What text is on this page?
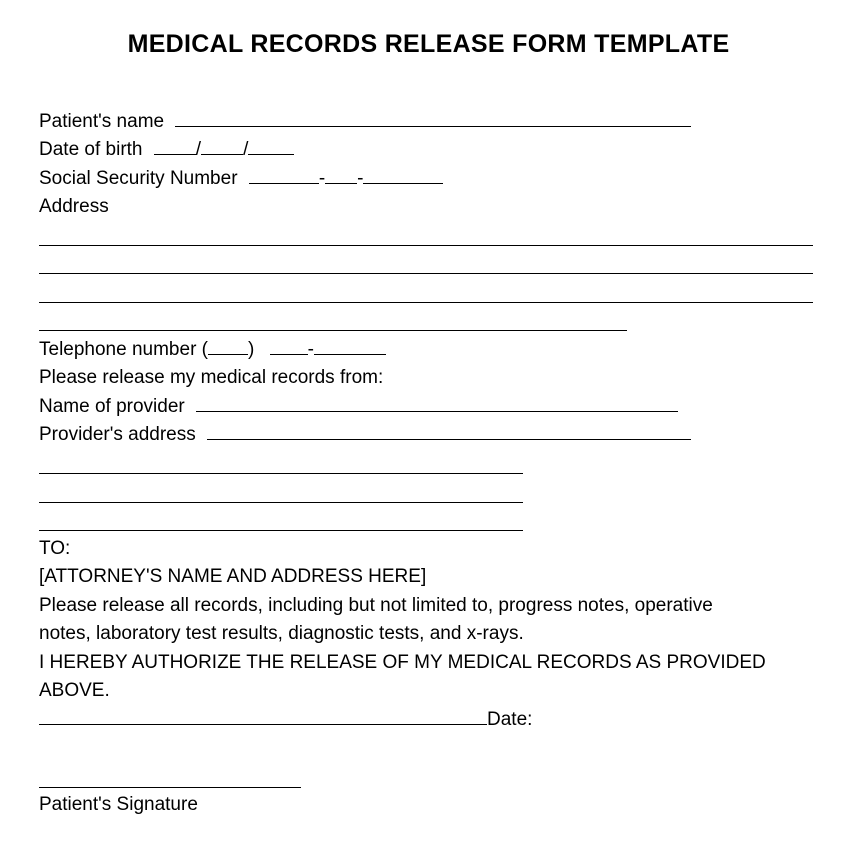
MEDICAL RECORDS RELEASE FORM TEMPLATE
Patient's name
Date of birth	/ /
Social Security Number	- -
Address
Telephone number ( )	-
Please release my medical records from:
Name of provider
Provider's address
TO:
[ATTORNEY'S NAME AND ADDRESS HERE]
Please release all records, including but not limited to, progress notes, operative
notes, laboratory test results, diagnostic tests, and x-rays.
I HEREBY AUTHORIZE THE RELEASE OF MY MEDICAL RECORDS AS PROVIDED
ABOVE.
Date:
Patient's Signature
